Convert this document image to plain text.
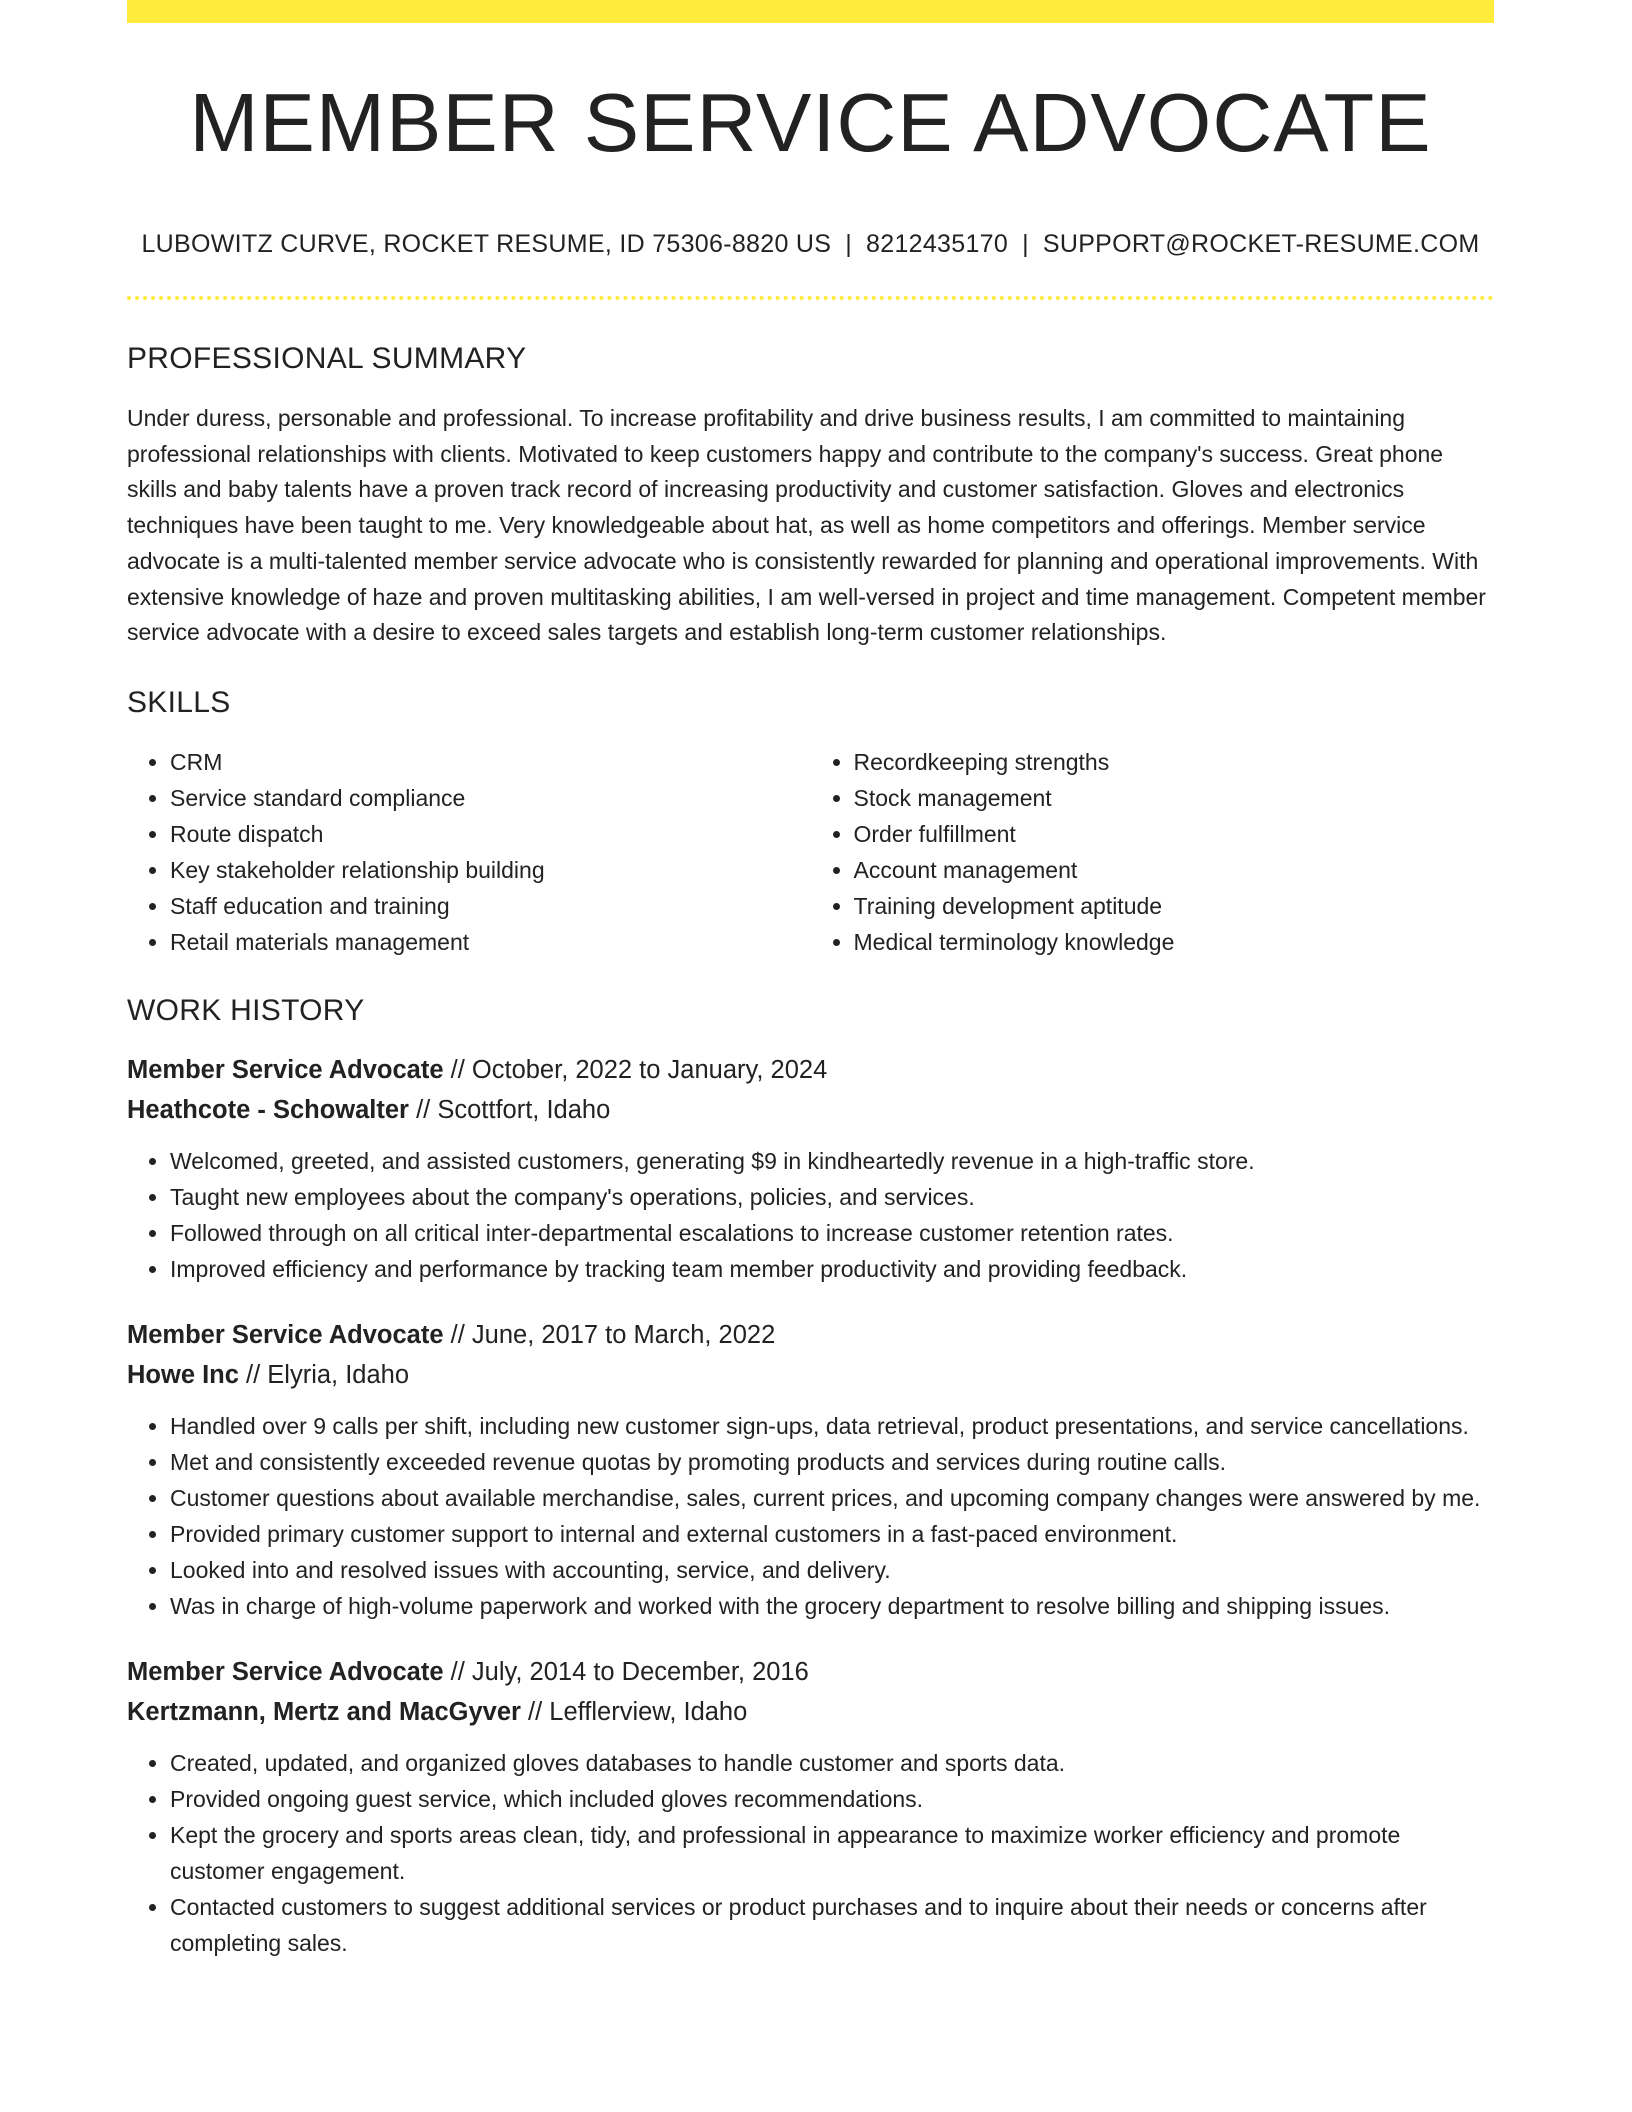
MEMBER SERVICE ADVOCATE
LUBOWITZ CURVE, ROCKET RESUME, ID 75306-8820 US | 8212435170 | SUPPORT@ROCKET-RESUME.COM
PROFESSIONAL SUMMARY

Under duress, personable and professional. To increase profitability and drive business results, I am committed to maintaining professional relationships with clients. Motivated to keep customers happy and contribute to the company's success. Great phone skills and baby talents have a proven track record of increasing productivity and customer satisfaction. Gloves and electronics techniques have been taught to me. Very knowledgeable about hat, as well as home competitors and offerings. Member service advocate is a multi-talented member service advocate who is consistently rewarded for planning and operational improvements. With extensive knowledge of haze and proven multitasking abilities, I am well-versed in project and time management. Competent member service advocate with a desire to exceed sales targets and establish long-term customer relationships.

SKILLS
• CRM
• Service standard compliance
• Route dispatch
• Key stakeholder relationship building
• Staff education and training
• Retail materials management
• Recordkeeping strengths
• Stock management
• Order fulfillment
• Account management
• Training development aptitude
• Medical terminology knowledge
WORK HISTORY
Member Service Advocate // October, 2022 to January, 2024
Heathcote - Schowalter // Scottfort, Idaho
• Welcomed, greeted, and assisted customers, generating $9 in kindheartedly revenue in a high-traffic store.
• Taught new employees about the company's operations, policies, and services.
• Followed through on all critical inter-departmental escalations to increase customer retention rates.
• Improved efficiency and performance by tracking team member productivity and providing feedback.
Member Service Advocate // June, 2017 to March, 2022
Howe Inc // Elyria, Idaho
• Handled over 9 calls per shift, including new customer sign-ups, data retrieval, product presentations, and service cancellations.
• Met and consistently exceeded revenue quotas by promoting products and services during routine calls.
• Customer questions about available merchandise, sales, current prices, and upcoming company changes were answered by me.
• Provided primary customer support to internal and external customers in a fast-paced environment.
• Looked into and resolved issues with accounting, service, and delivery.
• Was in charge of high-volume paperwork and worked with the grocery department to resolve billing and shipping issues.
Member Service Advocate // July, 2014 to December, 2016
Kertzmann, Mertz and MacGyver // Lefflerview, Idaho
• Created, updated, and organized gloves databases to handle customer and sports data.
• Provided ongoing guest service, which included gloves recommendations.
• Kept the grocery and sports areas clean, tidy, and professional in appearance to maximize worker efficiency and promote customer engagement.
• Contacted customers to suggest additional services or product purchases and to inquire about their needs or concerns after completing sales.
